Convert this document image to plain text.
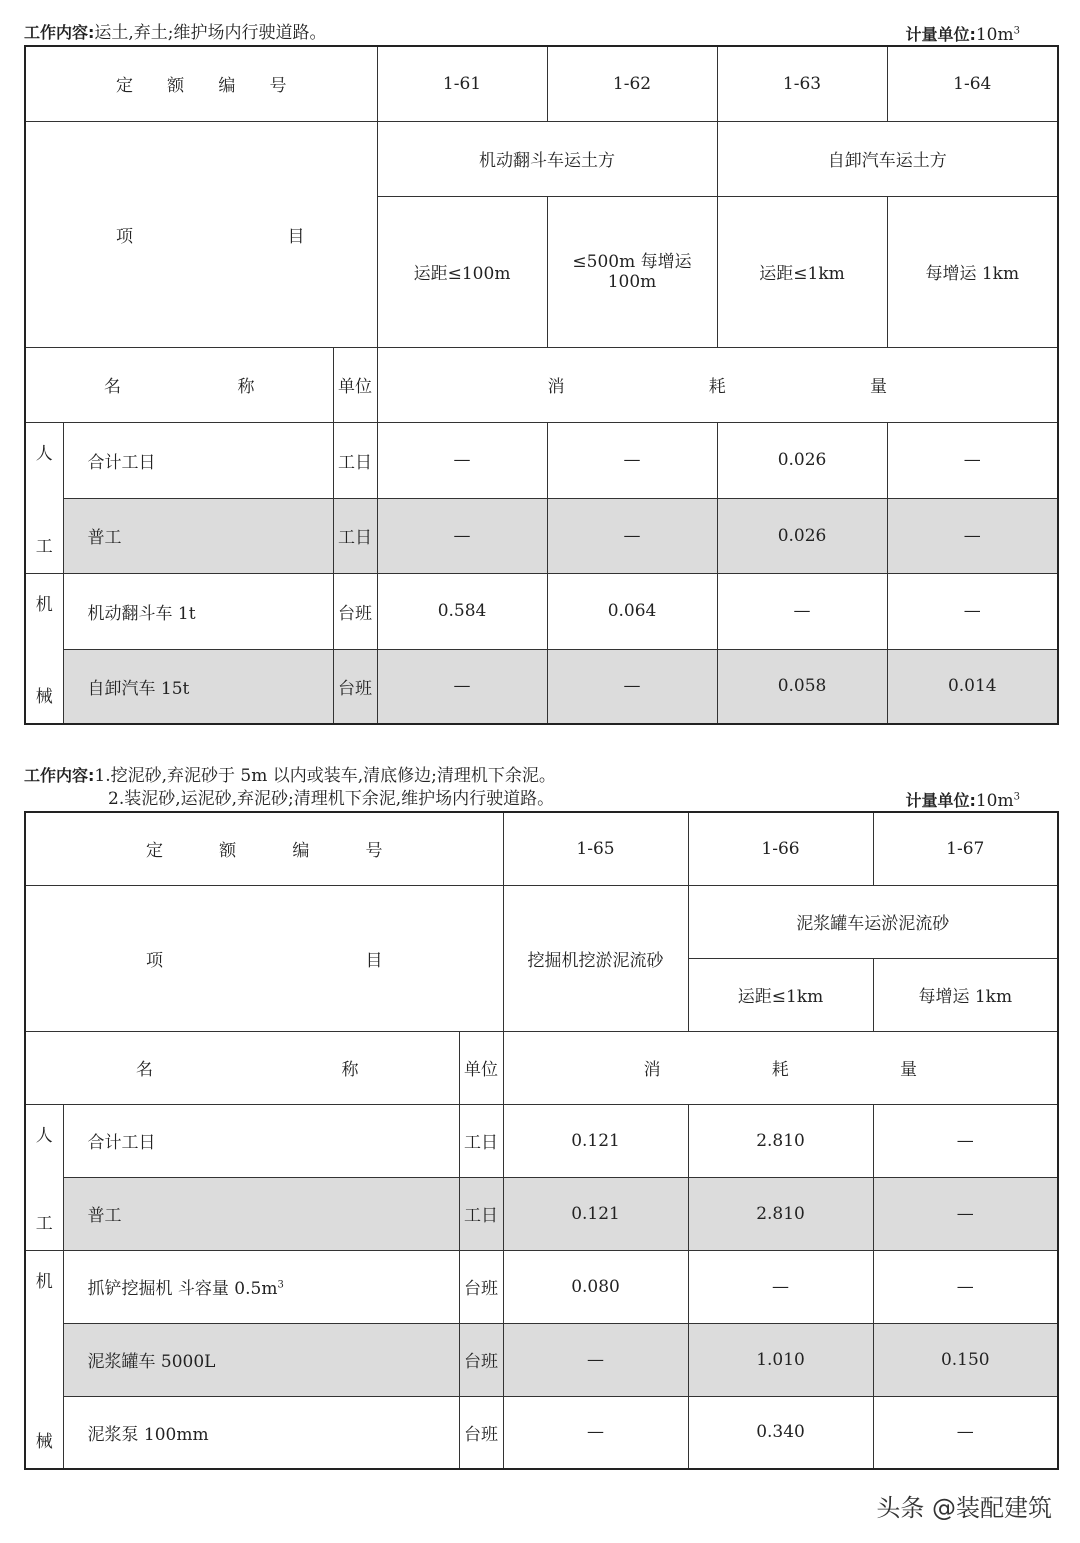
工作内容:运土,弃土;维护场内行驶道路。	计量单位$:10m^3$
定 额 编 号			1-61	1-62	1-63	1-64

项 目			机动翻斗车运土方		自卸汽车运土方	
			运距≤100m	≤500m 每增运 100m	运距≤1km	每增运 1km

名 称		单位	消 耗 量			

人
工	合计工日	工日	—	—	0.026	—
	普工	工日	—	—	0.026	—

机
械	机动翻斗车 1t	台班	0.584	0.064	—	—
	自卸汽车 15t	台班	—	—	0.058	0.014
工作内容:1.挖泥砂,弃泥砂于 5m 以内或装车,清底修边;清理机下余泥。
2.装泥砂,运泥砂,弃泥砂;清理机下余泥,维护场内行驶道路。	计量单位$:10m^3$
定 额 编 号			1-65	1-66	1-67

项 目			挖掘机挖淤泥流砂	泥浆罐车运淤泥流砂	
				运距≤1km	每增运 1km

名 称		单位	消 耗 量		

人
工	合计工日	工日	0.121	2.810	—
	普工	工日	0.121	2.810	—

机
械	抓铲挖掘机 斗容量 $0.5m^3$	台班	0.080	—	—
	泥浆罐车 5000L	台班	—	1.010	0.150
	泥浆泵 100mm	台班	—	0.340	—
头条 @装配建筑
